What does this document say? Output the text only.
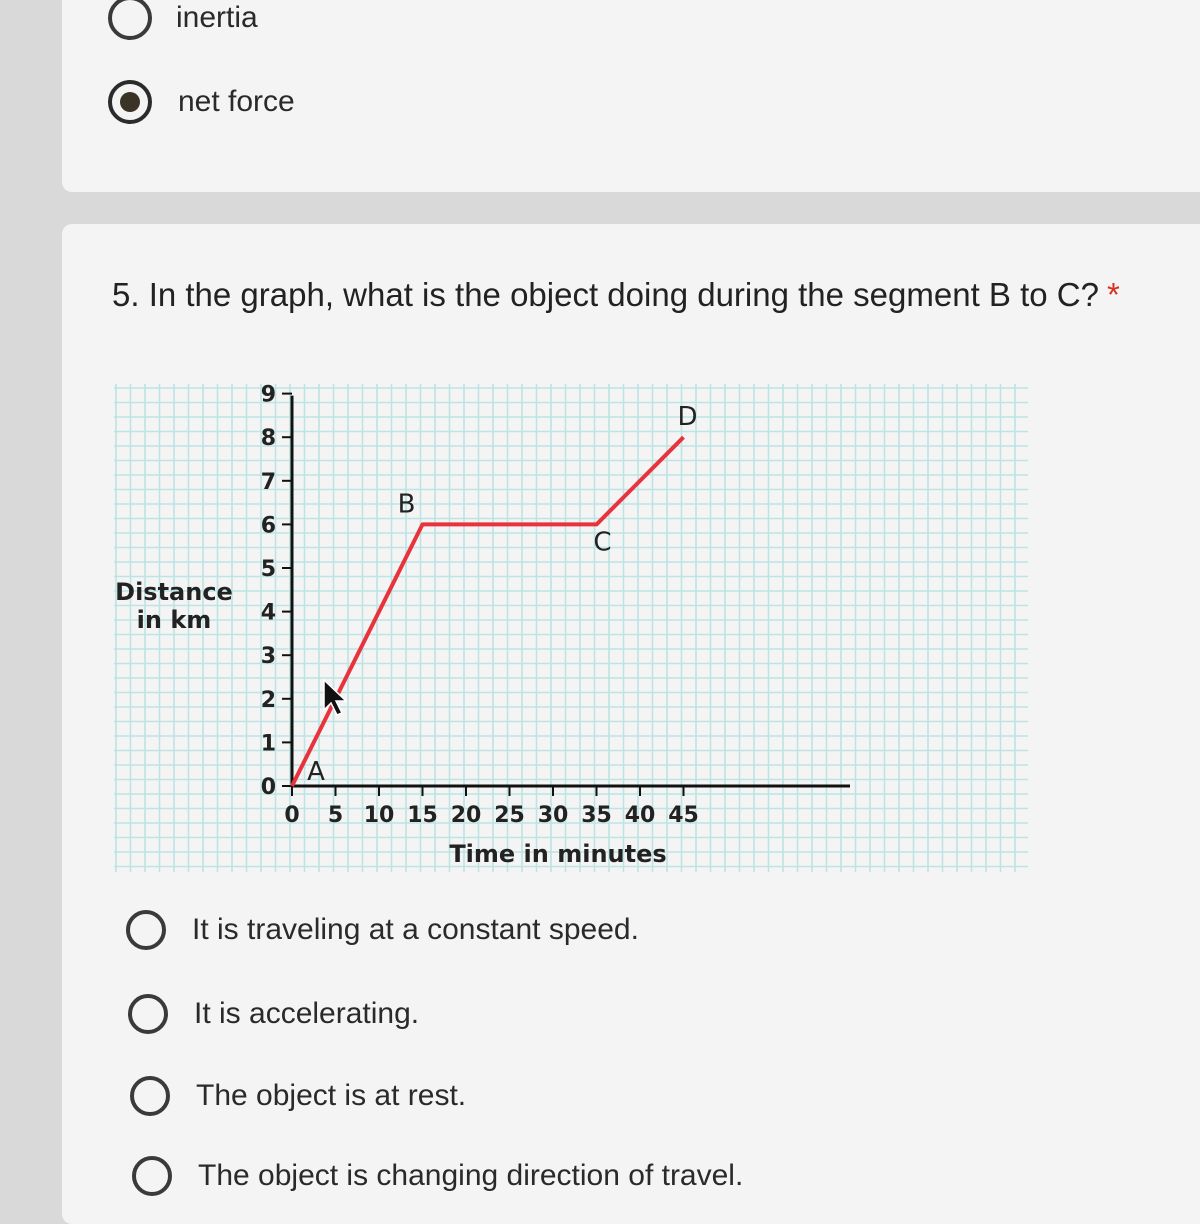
inertia
net force
5. In the graph, what is the object doing during the segment B to C? *
0
1
2
3
4
5
6
7
8
9
0 5 10 15 20 25 30 35 40 45
Time in minutes
Distance
in km
A
B
C
D
It is traveling at a constant speed.
It is accelerating.
The object is at rest.
The object is changing direction of travel.
